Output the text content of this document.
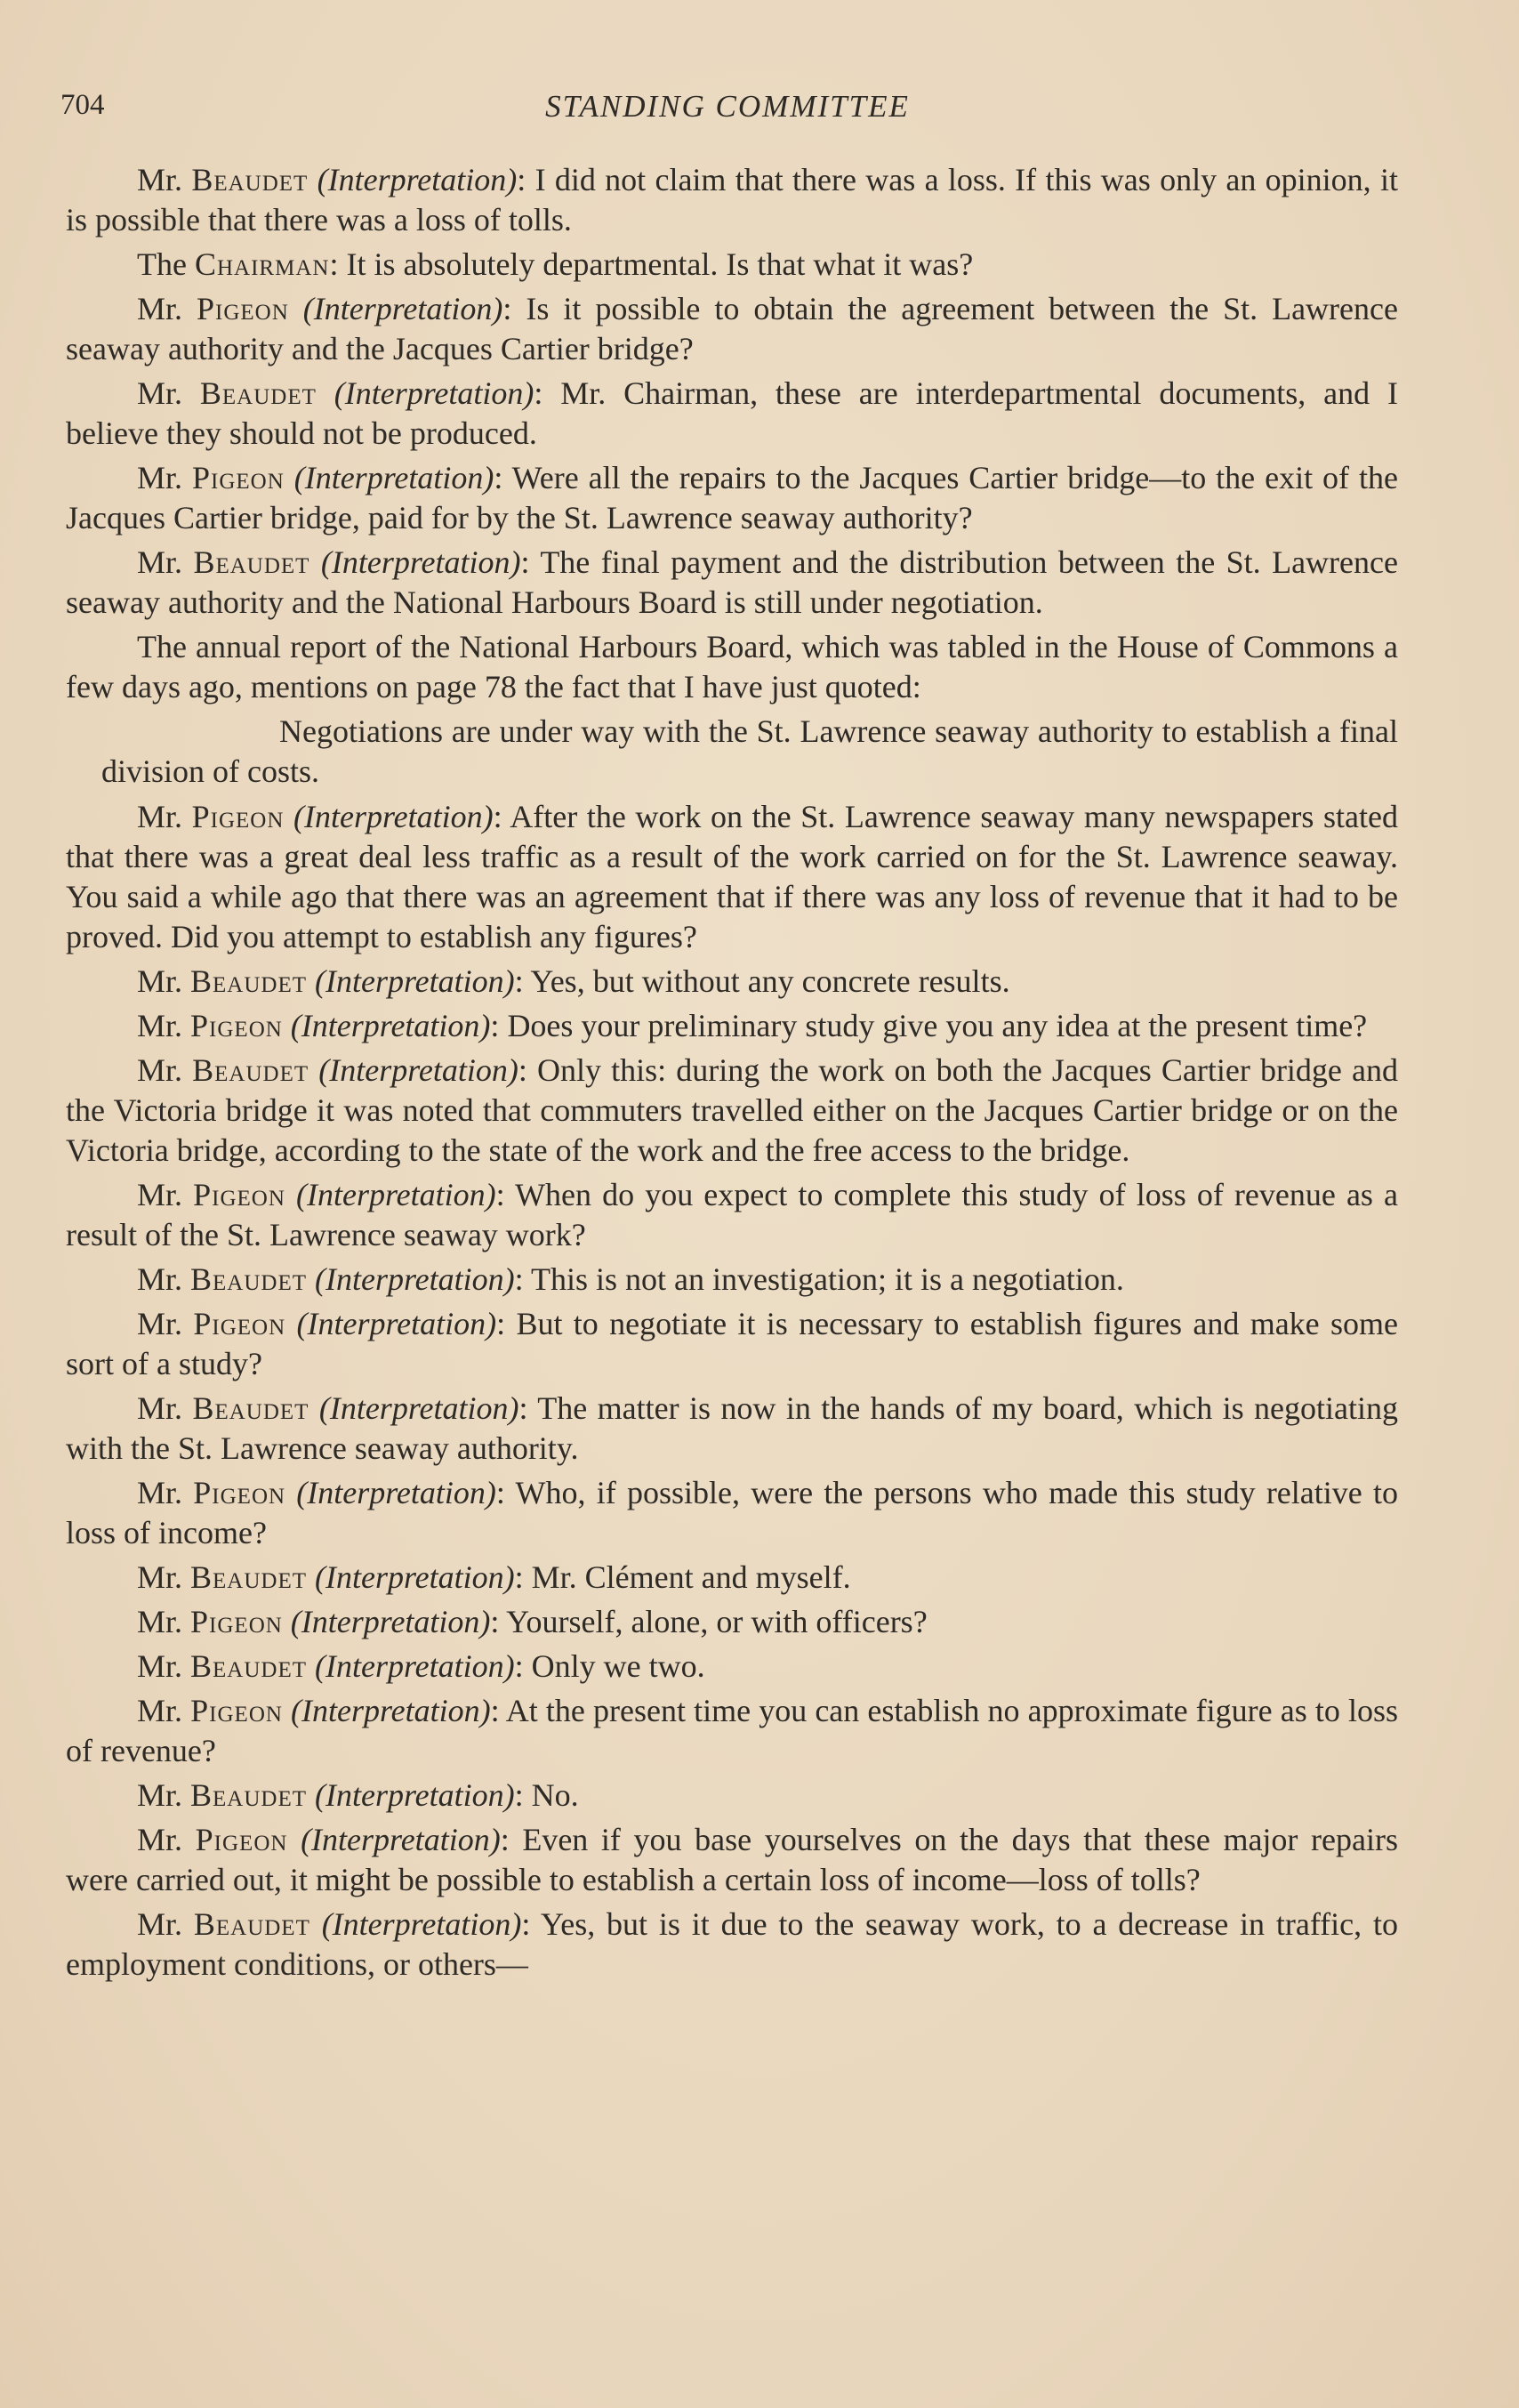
704	STANDING COMMITTEE

Mr. Beaudet (Interpretation): I did not claim that there was a loss. If this was only an opinion, it is possible that there was a loss of tolls.

The Chairman: It is absolutely departmental. Is that what it was?

Mr. Pigeon (Interpretation): Is it possible to obtain the agreement between the St. Lawrence seaway authority and the Jacques Cartier bridge?

Mr. Beaudet (Interpretation): Mr. Chairman, these are interdepartmental documents, and I believe they should not be produced.

Mr. Pigeon (Interpretation): Were all the repairs to the Jacques Cartier bridge—to the exit of the Jacques Cartier bridge, paid for by the St. Lawrence seaway authority?

Mr. Beaudet (Interpretation): The final payment and the distribution between the St. Lawrence seaway authority and the National Harbours Board is still under negotiation.

The annual report of the National Harbours Board, which was tabled in the House of Commons a few days ago, mentions on page 78 the fact that I have just quoted:

Negotiations are under way with the St. Lawrence seaway authority to establish a final division of costs.

Mr. Pigeon (Interpretation): After the work on the St. Lawrence seaway many newspapers stated that there was a great deal less traffic as a result of the work carried on for the St. Lawrence seaway. You said a while ago that there was an agreement that if there was any loss of revenue that it had to be proved. Did you attempt to establish any figures?

Mr. Beaudet (Interpretation): Yes, but without any concrete results.

Mr. Pigeon (Interpretation): Does your preliminary study give you any idea at the present time?

Mr. Beaudet (Interpretation): Only this: during the work on both the Jacques Cartier bridge and the Victoria bridge it was noted that commuters travelled either on the Jacques Cartier bridge or on the Victoria bridge, according to the state of the work and the free access to the bridge.

Mr. Pigeon (Interpretation): When do you expect to complete this study of loss of revenue as a result of the St. Lawrence seaway work?

Mr. Beaudet (Interpretation): This is not an investigation; it is a negotiation.

Mr. Pigeon (Interpretation): But to negotiate it is necessary to establish figures and make some sort of a study?

Mr. Beaudet (Interpretation): The matter is now in the hands of my board, which is negotiating with the St. Lawrence seaway authority.

Mr. Pigeon (Interpretation): Who, if possible, were the persons who made this study relative to loss of income?

Mr. Beaudet (Interpretation): Mr. Clément and myself.

Mr. Pigeon (Interpretation): Yourself, alone, or with officers?

Mr. Beaudet (Interpretation): Only we two.

Mr. Pigeon (Interpretation): At the present time you can establish no approximate figure as to loss of revenue?

Mr. Beaudet (Interpretation): No.

Mr. Pigeon (Interpretation): Even if you base yourselves on the days that these major repairs were carried out, it might be possible to establish a certain loss of income—loss of tolls?

Mr. Beaudet (Interpretation): Yes, but is it due to the seaway work, to a decrease in traffic, to employment conditions, or others—
